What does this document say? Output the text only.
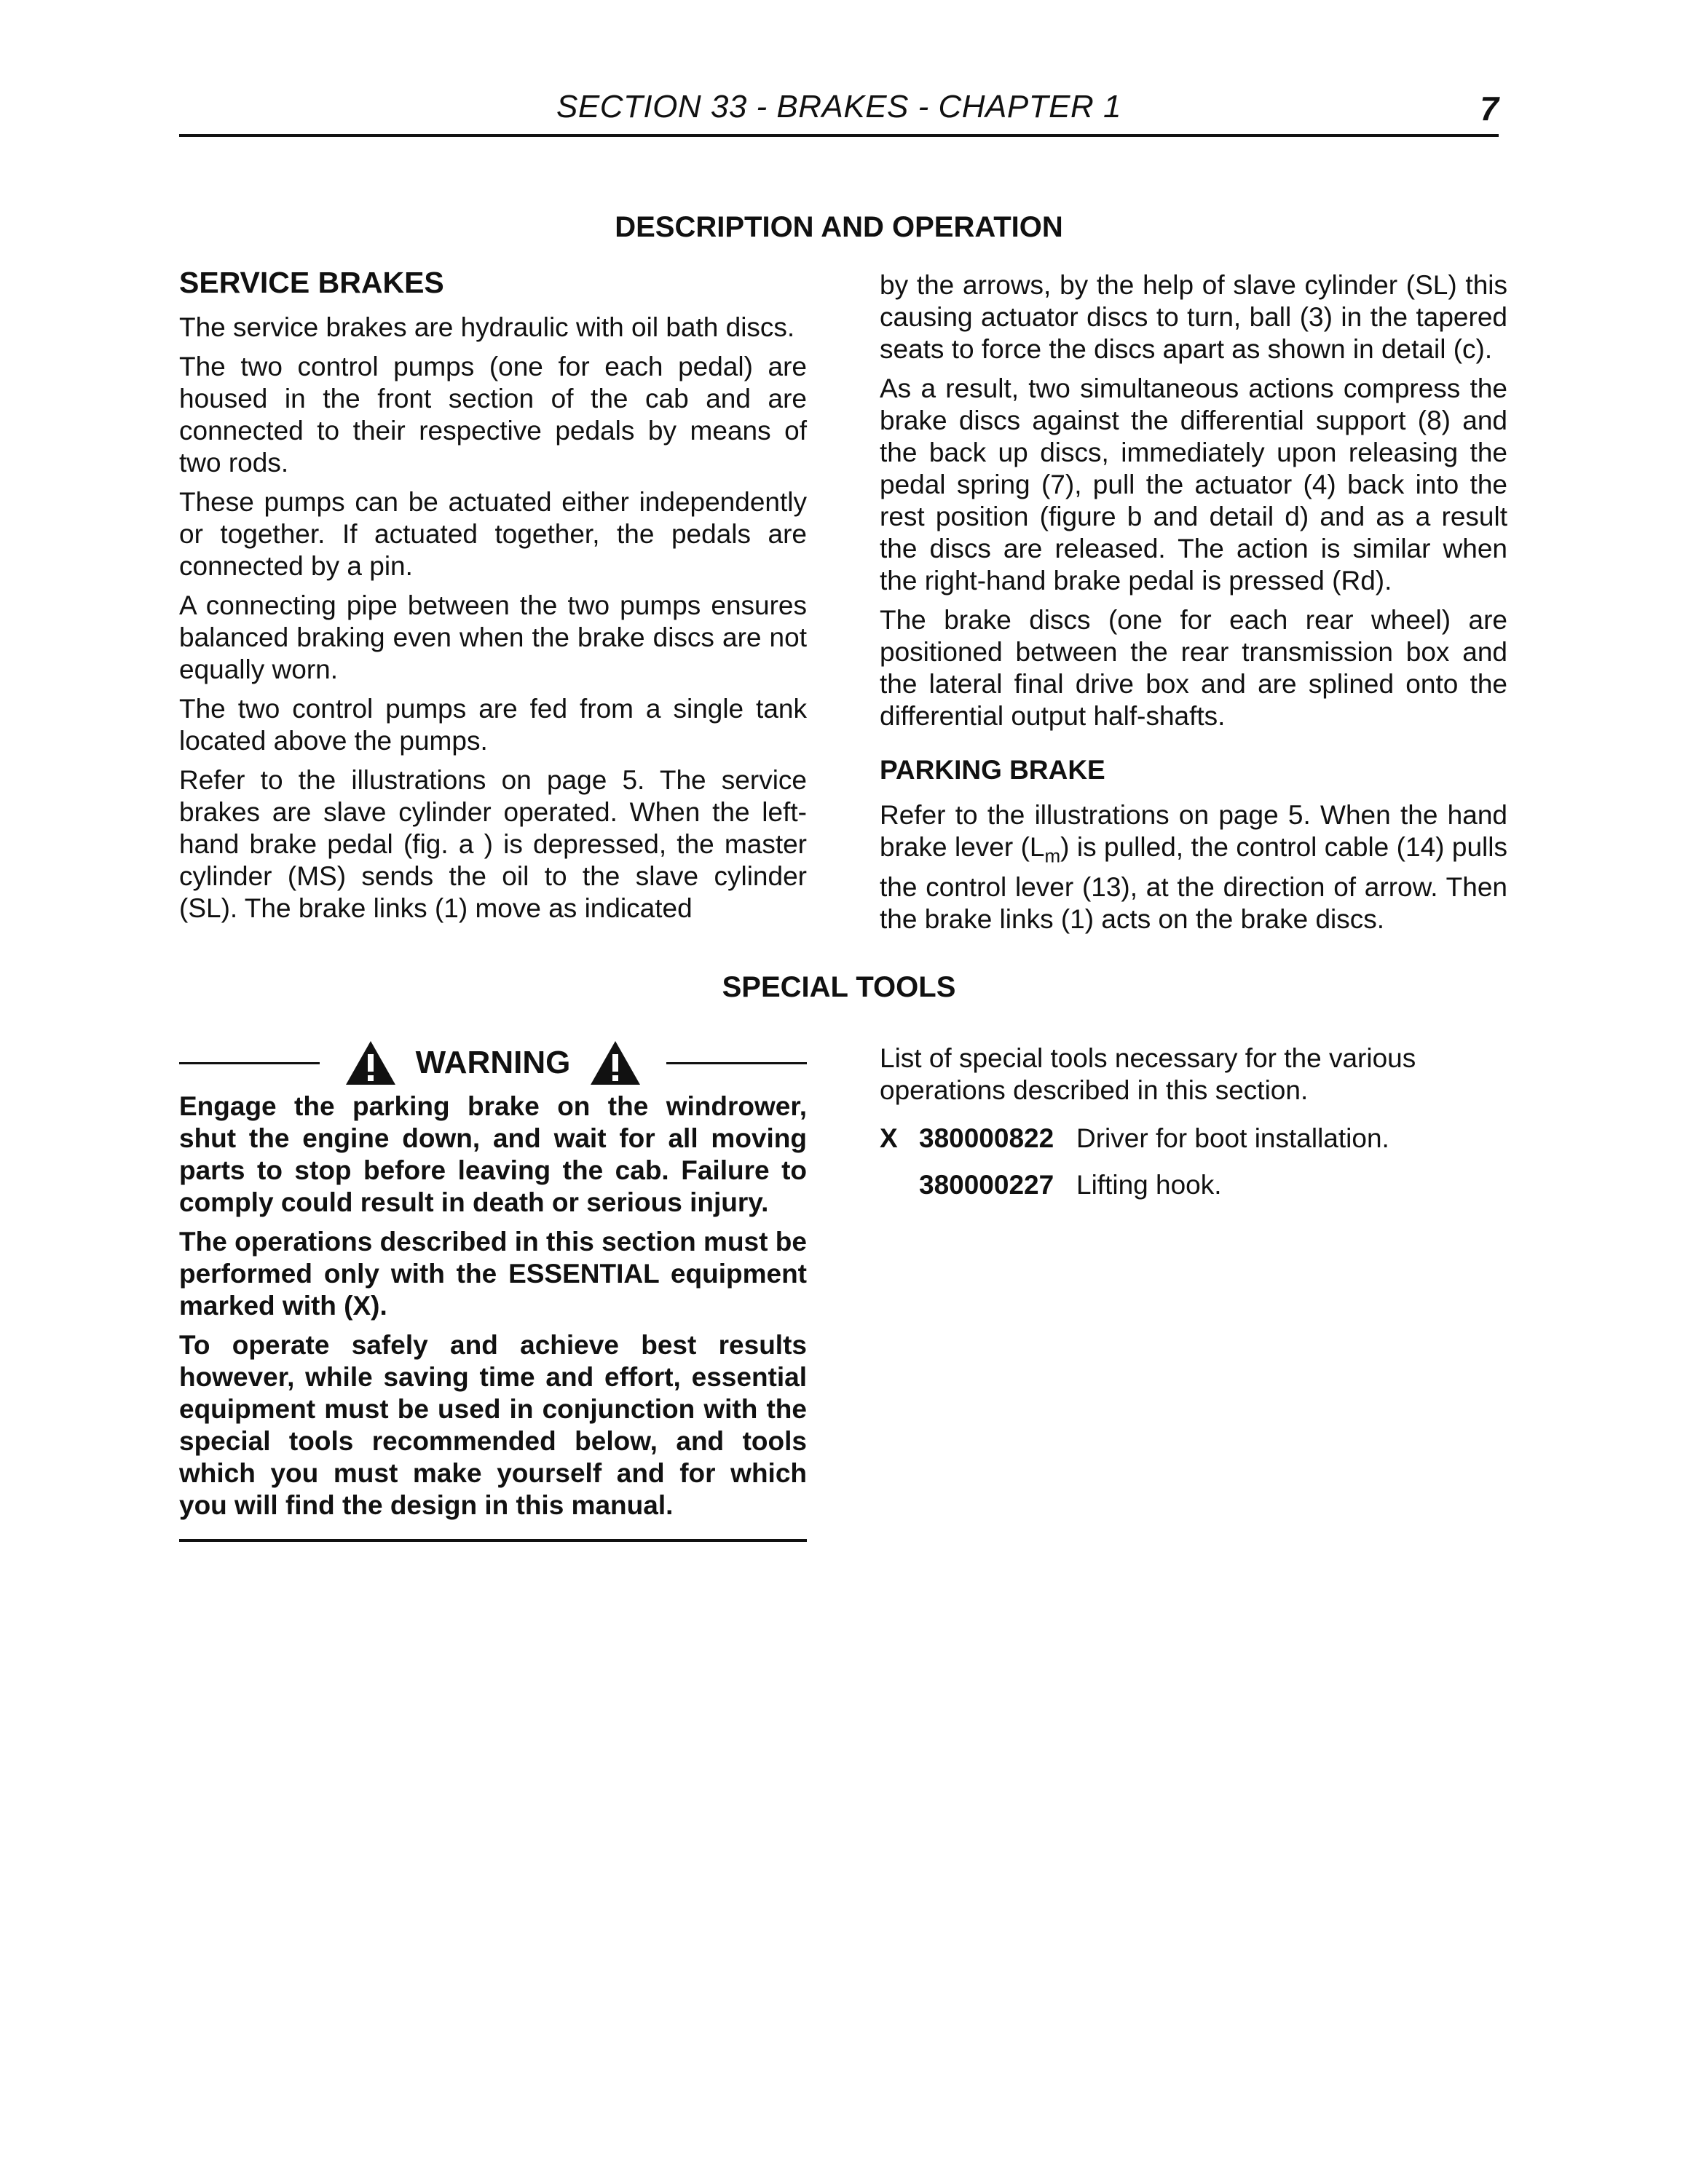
SECTION 33 - BRAKES - CHAPTER 1	7
DESCRIPTION AND OPERATION
SERVICE BRAKES

The service brakes are hydraulic with oil bath discs.

The two control pumps (one for each pedal) are housed in the front section of the cab and are connected to their respective pedals by means of two rods.

These pumps can be actuated either independently or together. If actuated together, the pedals are connected by a pin.

A connecting pipe between the two pumps ensures balanced braking even when the brake discs are not equally worn.

The two control pumps are fed from a single tank located above the pumps.

Refer to the illustrations on page 5. The service brakes are slave cylinder operated. When the left-hand brake pedal (fig. a ) is depressed, the master cylinder (MS) sends the oil to the slave cylinder (SL). The brake links (1) move as indicated

by the arrows, by the help of slave cylinder (SL) this causing actuator discs to turn, ball (3) in the tapered seats to force the discs apart as shown in detail (c).

As a result, two simultaneous actions compress the brake discs against the differential support (8) and the back up discs, immediately upon releasing the pedal spring (7), pull the actuator (4) back into the rest position (figure b and detail d) and as a result the discs are released. The action is similar when the right-hand brake pedal is pressed (Rd).

The brake discs (one for each rear wheel) are positioned between the rear transmission box and the lateral final drive box and are splined onto the differential output half-shafts.

PARKING BRAKE

Refer to the illustrations on page 5. When the hand brake lever $(L_m)$ is pulled, the control cable (14) pulls the control lever (13), at the direction of arrow. Then the brake links (1) acts on the brake discs.

SPECIAL TOOLS
WARNING

Engage the parking brake on the windrower, shut the engine down, and wait for all moving parts to stop before leaving the cab. Failure to comply could result in death or serious injury.

The operations described in this section must be performed only with the ESSENTIAL equipment marked with (X).

To operate safely and achieve best results however, while saving time and effort, essential equipment must be used in conjunction with the special tools recommended below, and tools which you must make yourself and for which you will find the design in this manual.

List of special tools necessary for the various operations described in this section.

X 380000822 Driver for boot installation.
380000227 Lifting hook.
